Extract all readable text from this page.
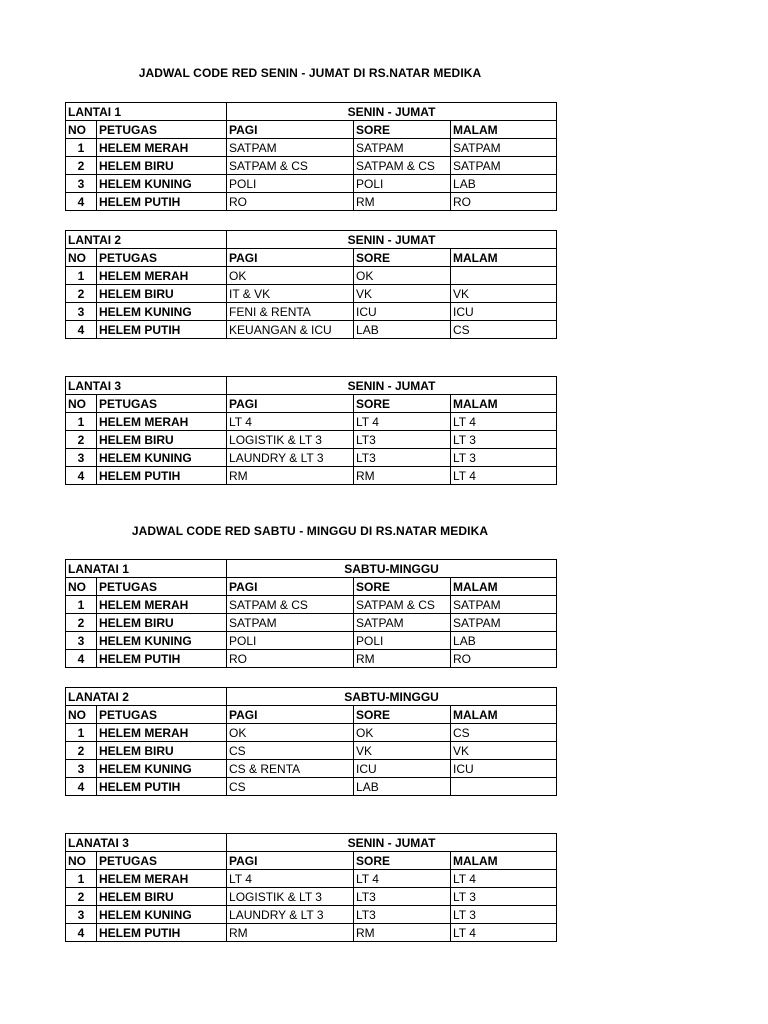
JADWAL CODE RED SENIN - JUMAT DI RS.NATAR MEDIKA
LANTAI 1		SENIN - JUMAT		
NO	PETUGAS	PAGI	SORE	MALAM
1	HELEM MERAH	SATPAM	SATPAM	SATPAM
2	HELEM BIRU	SATPAM & CS	SATPAM & CS	SATPAM
3	HELEM KUNING	POLI	POLI	LAB
4	HELEM PUTIH	RO	RM	RO
LANTAI 2		SENIN - JUMAT		
NO	PETUGAS	PAGI	SORE	MALAM
1	HELEM MERAH	OK	OK	
2	HELEM BIRU	IT & VK	VK	VK
3	HELEM KUNING	FENI & RENTA	ICU	ICU
4	HELEM PUTIH	KEUANGAN & ICU	LAB	CS
LANTAI 3		SENIN - JUMAT		
NO	PETUGAS	PAGI	SORE	MALAM
1	HELEM MERAH	LT 4	LT 4	LT 4
2	HELEM BIRU	LOGISTIK & LT 3	LT3	LT 3
3	HELEM KUNING	LAUNDRY & LT 3	LT3	LT 3
4	HELEM PUTIH	RM	RM	LT 4
JADWAL CODE RED SABTU - MINGGU DI RS.NATAR MEDIKA
LANATAI 1		SABTU-MINGGU		
NO	PETUGAS	PAGI	SORE	MALAM
1	HELEM MERAH	SATPAM & CS	SATPAM & CS	SATPAM
2	HELEM BIRU	SATPAM	SATPAM	SATPAM
3	HELEM KUNING	POLI	POLI	LAB
4	HELEM PUTIH	RO	RM	RO
LANATAI 2		SABTU-MINGGU		
NO	PETUGAS	PAGI	SORE	MALAM
1	HELEM MERAH	OK	OK	CS
2	HELEM BIRU	CS	VK	VK
3	HELEM KUNING	CS & RENTA	ICU	ICU
4	HELEM PUTIH	CS	LAB	
LANATAI 3		SENIN - JUMAT		
NO	PETUGAS	PAGI	SORE	MALAM
1	HELEM MERAH	LT 4	LT 4	LT 4
2	HELEM BIRU	LOGISTIK & LT 3	LT3	LT 3
3	HELEM KUNING	LAUNDRY & LT 3	LT3	LT 3
4	HELEM PUTIH	RM	RM	LT 4
